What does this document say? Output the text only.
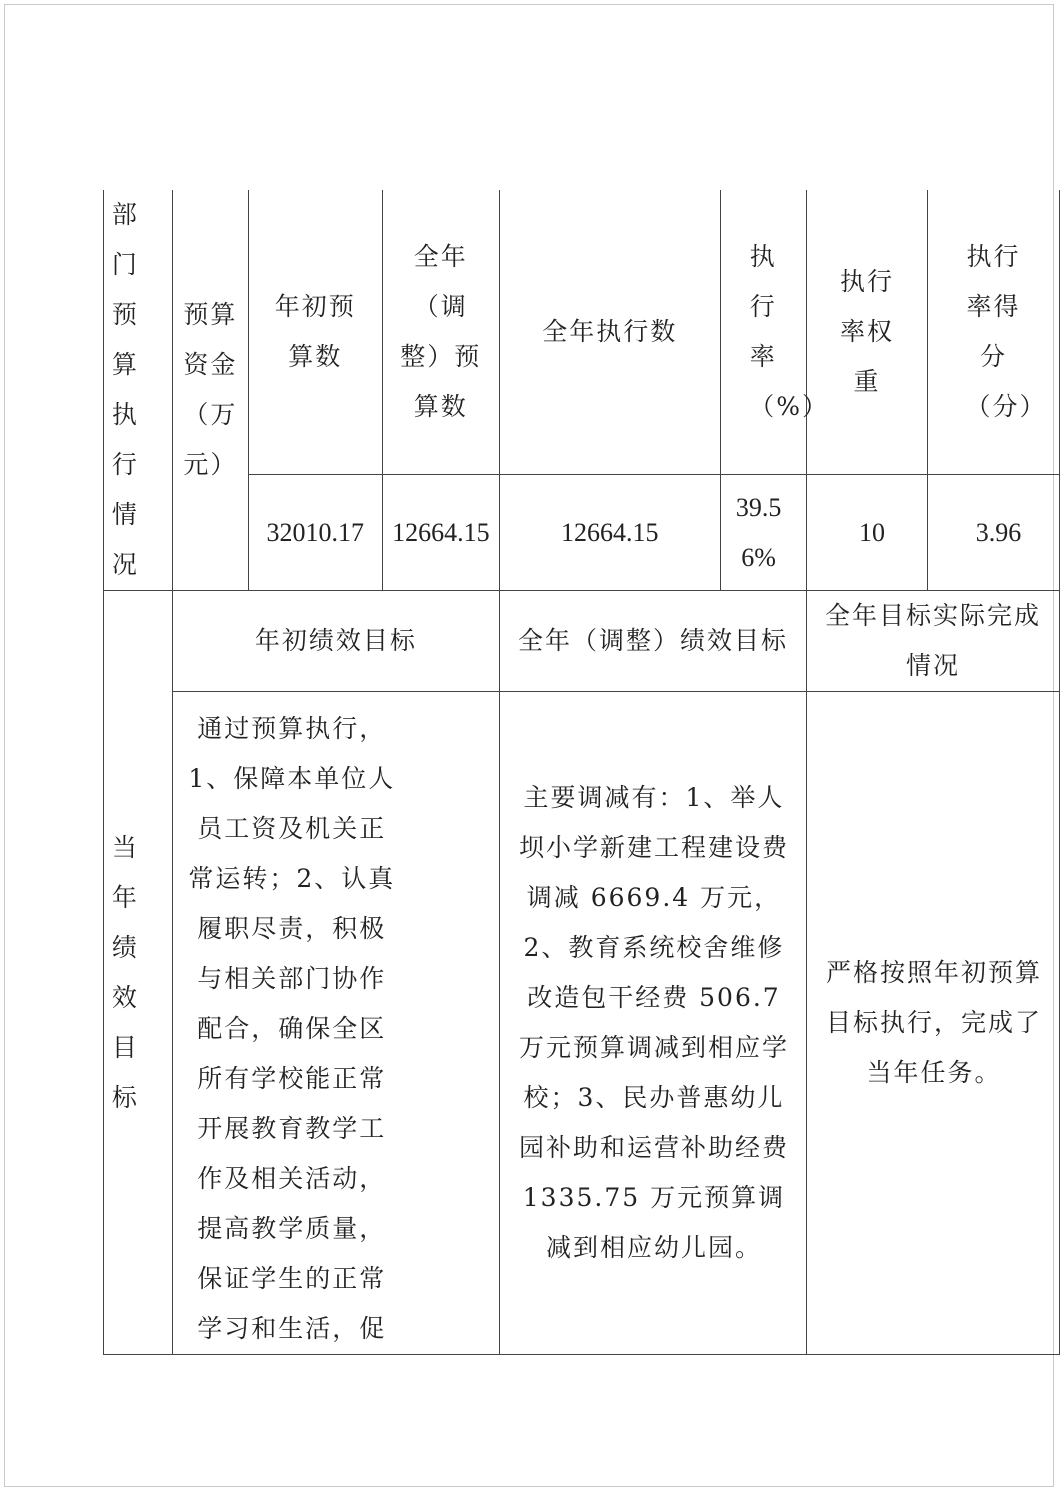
部门预算执行情况	预算资金（万元）	年初预算数	全年（调整）预算数	全年执行数	执行率（%）	执行率权重	执行率得分（分）

		32010.17	12664.15	12664.15	39.56%	10	3.96

当年绩效目标	年初绩效目标			全年（调整）绩效目标		全年目标实际完成情况	

	通过预算执行，1、保障本单位人员工资及机关正常运转；2、认真履职尽责，积极与相关部门协作配合，确保全区所有学校能正常开展教育教学工作及相关活动，提高教学质量，保证学生的正常学习和生活，促			主要调减有：1、举人坝小学新建工程建设费调减 6669.4 万元，2、教育系统校舍维修改造包干经费 506.7 万元预算调减到相应学校；3、民办普惠幼儿园补助和运营补助经费 1335.75 万元预算调减到相应幼儿园。		严格按照年初预算目标执行，完成了当年任务。	
